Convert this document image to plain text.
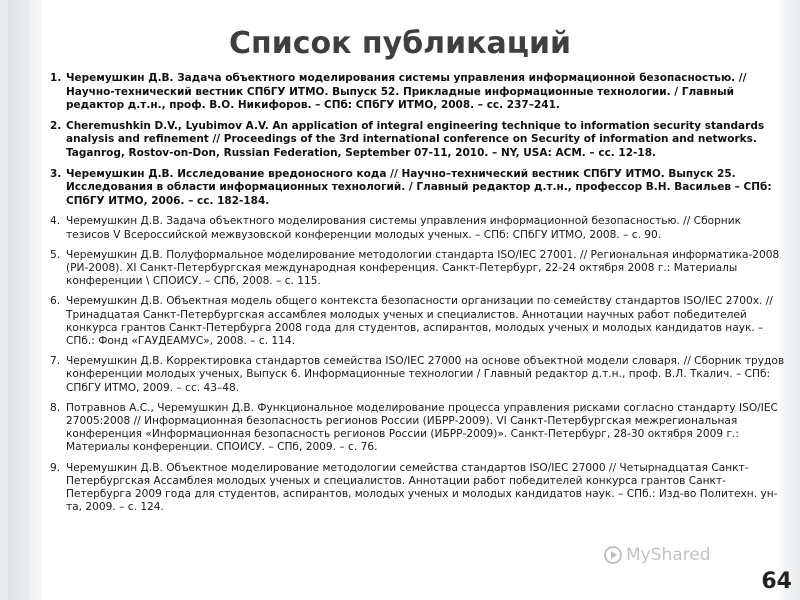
Список публикаций
1. Черемушкин Д.В. Задача объектного моделирования системы управления информационной безопасностью. // Научно-технический вестник СПбГУ ИТМО. Выпуск 52. Прикладные информационные технологии. / Главный редактор д.т.н., проф. В.О. Никифоров. – СПб: СПбГУ ИТМО, 2008. – сс. 237–241.
2. Cheremushkin D.V., Lyubimov A.V. An application of integral engineering technique to information security standards analysis and refinement // Proceedings of the 3rd international conference on Security of information and networks. Taganrog, Rostov-on-Don, Russian Federation, September 07-11, 2010. – NY, USA: ACM. – cc. 12-18.
3. Черемушкин Д.В. Исследование вредоносного кода // Научно–технический вестник СПбГУ ИТМО. Выпуск 25. Исследования в области информационных технологий. / Главный редактор д.т.н., профессор В.Н. Васильев – СПб: СПбГУ ИТМО, 2006. – сс. 182-184.
4. Черемушкин Д.В. Задача объектного моделирования системы управления информационной безопасностью. // Сборник тезисов V Всероссийской межвузовской конференции молодых ученых. – СПб: СПбГУ ИТМО, 2008. – с. 90.
5. Черемушкин Д.В. Полуформальное моделирование методологии стандарта ISO/IEC 27001. // Региональная информатика-2008 (РИ-2008). XI Санкт-Петербургская международная конференция. Санкт-Петербург, 22-24 октября 2008 г.: Материалы конференции \ СПОИСУ. – СПб, 2008. – с. 115.
6. Черемушкин Д.В. Объектная модель общего контекста безопасности организации по семейству стандартов ISO/IEC 2700x. // Тринадцатая Санкт-Петербургская ассамблея молодых ученых и специалистов. Аннотации научных работ победителей конкурса грантов Санкт-Петербурга 2008 года для студентов, аспирантов, молодых ученых и молодых кандидатов наук. – СПб.: Фонд «ГАУДЕАМУС», 2008. – с. 114.
7. Черемушкин Д.В. Корректировка стандартов семейства ISO/IEC 27000 на основе объектной модели словаря. // Сборник трудов конференции молодых ученых, Выпуск 6. Информационные технологии / Главный редактор д.т.н., проф. В.Л. Ткалич. – СПб: СПбГУ ИТМО, 2009. – сс. 43–48.
8. Потравнов А.С., Черемушкин Д.В. Функциональное моделирование процесса управления рисками согласно стандарту ISO/IEC 27005:2008 // Информационная безопасность регионов России (ИБРР-2009). VI Санкт-Петербургская межрегиональная конференция «Информационная безопасность регионов России (ИБРР-2009)». Санкт-Петербург, 28-30 октября 2009 г.: Материалы конференции. СПОИСУ. – СПб, 2009. – с. 76.
9. Черемушкин Д.В. Объектное моделирование методологии семейства стандартов ISO/IEC 27000 // Четырнадцатая Санкт-Петербургская Ассамблея молодых ученых и специалистов. Аннотации работ победителей конкурса грантов Санкт-Петербурга 2009 года для студентов, аспирантов, молодых ученых и молодых кандидатов наук. – СПб.: Изд-во Политехн. ун-та, 2009. – с. 124.
MyShared
64
